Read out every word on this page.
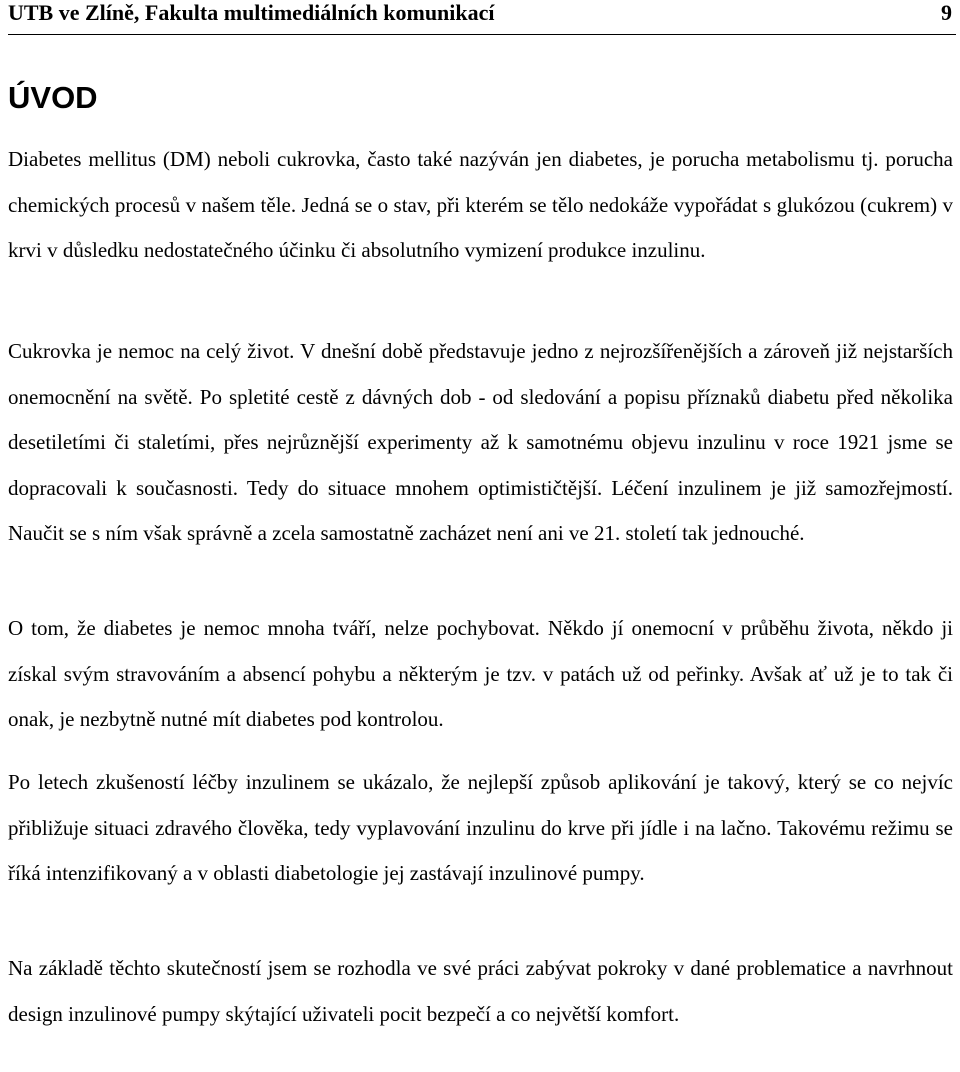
UTB ve Zlíně, Fakulta multimediálních komunikací	9
ÚVOD

Diabetes mellitus (DM) neboli cukrovka, často také nazýván jen diabetes, je porucha metabolismu tj. porucha chemických procesů v našem těle. Jedná se o stav, při kterém se tělo nedokáže vypořádat s glukózou (cukrem) v krvi v důsledku nedostatečného účinku či absolutního vymizení produkce inzulinu.

Cukrovka je nemoc na celý život. V dnešní době představuje jedno z nejrozšířenějších a zároveň již nejstarších onemocnění na světě. Po spletité cestě z dávných dob - od sledování a popisu příznaků diabetu před několika desetiletími či staletími, přes nejrůznější experimenty až k samotnému objevu inzulinu v roce 1921 jsme se dopracovali k současnosti. Tedy do situace mnohem optimističtější. Léčení inzulinem je již samozřejmostí. Naučit se s ním však správně a zcela samostatně zacházet není ani ve 21. století tak jednouché.

O tom, že diabetes je nemoc mnoha tváří, nelze pochybovat. Někdo jí onemocní v průběhu života, někdo ji získal svým stravováním a absencí pohybu a některým je tzv. v patách už od peřinky. Avšak ať už je to tak či onak, je nezbytně nutné mít diabetes pod kontrolou.

Po letech zkušeností léčby inzulinem se ukázalo, že nejlepší způsob aplikování je takový, který se co nejvíc přibližuje situaci zdravého člověka, tedy vyplavování inzulinu do krve při jídle i na lačno. Takovému režimu se říká intenzifikovaný a v oblasti diabetologie jej zastávají inzulinové pumpy.

Na základě těchto skutečností jsem se rozhodla ve své práci zabývat pokroky v dané problematice a navrhnout design inzulinové pumpy skýtající uživateli pocit bezpečí a co největší komfort.
